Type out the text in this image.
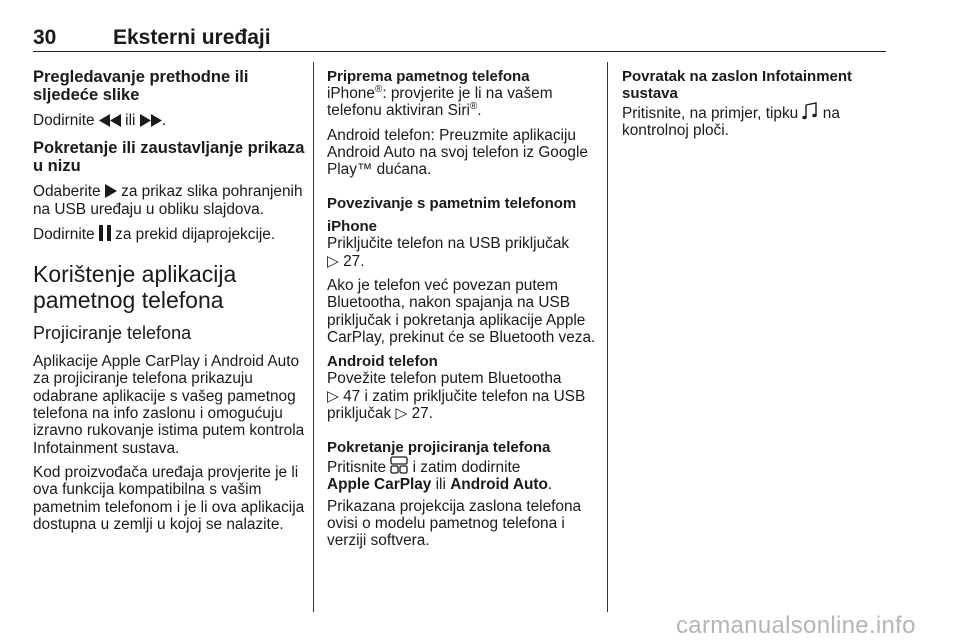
30	Eksterni uređaji
Pregledavanje prethodne ili sljedeće slike

Dodirnite ili .

Pokretanje ili zaustavljanje prikaza u nizu

Odaberite za prikaz slika pohranjenih na USB uređaju u obliku slajdova.

Dodirnite za prekid dijaprojekcije.

Korištenje aplikacija pametnog telefona
Projiciranje telefona

Aplikacije Apple CarPlay i Android Auto za projiciranje telefona prikazuju odabrane aplikacije s vašeg pametnog telefona na info zaslonu i omogućuju izravno rukovanje istima putem kontrola Infotainment sustava.

Kod proizvođača uređaja provjerite je li ova funkcija kompatibilna s vašim pametnim telefonom i je li ova aplikacija dostupna u zemlji u kojoj se nalazite.

Priprema pametnog telefona

iPhone®: provjerite je li na vašem telefonu aktiviran Siri®.

Android telefon: Preuzmite aplikaciju Android Auto na svoj telefon iz Google Play™ dućana.

Povezivanje s pametnim telefonom
iPhone

Priključite telefon na USB priključak
▷ 27.

Ako je telefon već povezan putem Bluetootha, nakon spajanja na USB priključak i pokretanja aplikacije Apple CarPlay, prekinut će se Bluetooth veza.

Android telefon

Povežite telefon putem Bluetootha
▷ 47 i zatim priključite telefon na USB priključak ▷ 27.

Pokretanje projiciranja telefona

Pritisnite i zatim dodirnite
Apple CarPlay ili Android Auto.

Prikazana projekcija zaslona telefona ovisi o modelu pametnog telefona i verziji softvera.

Povratak na zaslon Infotainment sustava

Pritisnite, na primjer, tipku na kontrolnoj ploči.

carmanualsonline.info
